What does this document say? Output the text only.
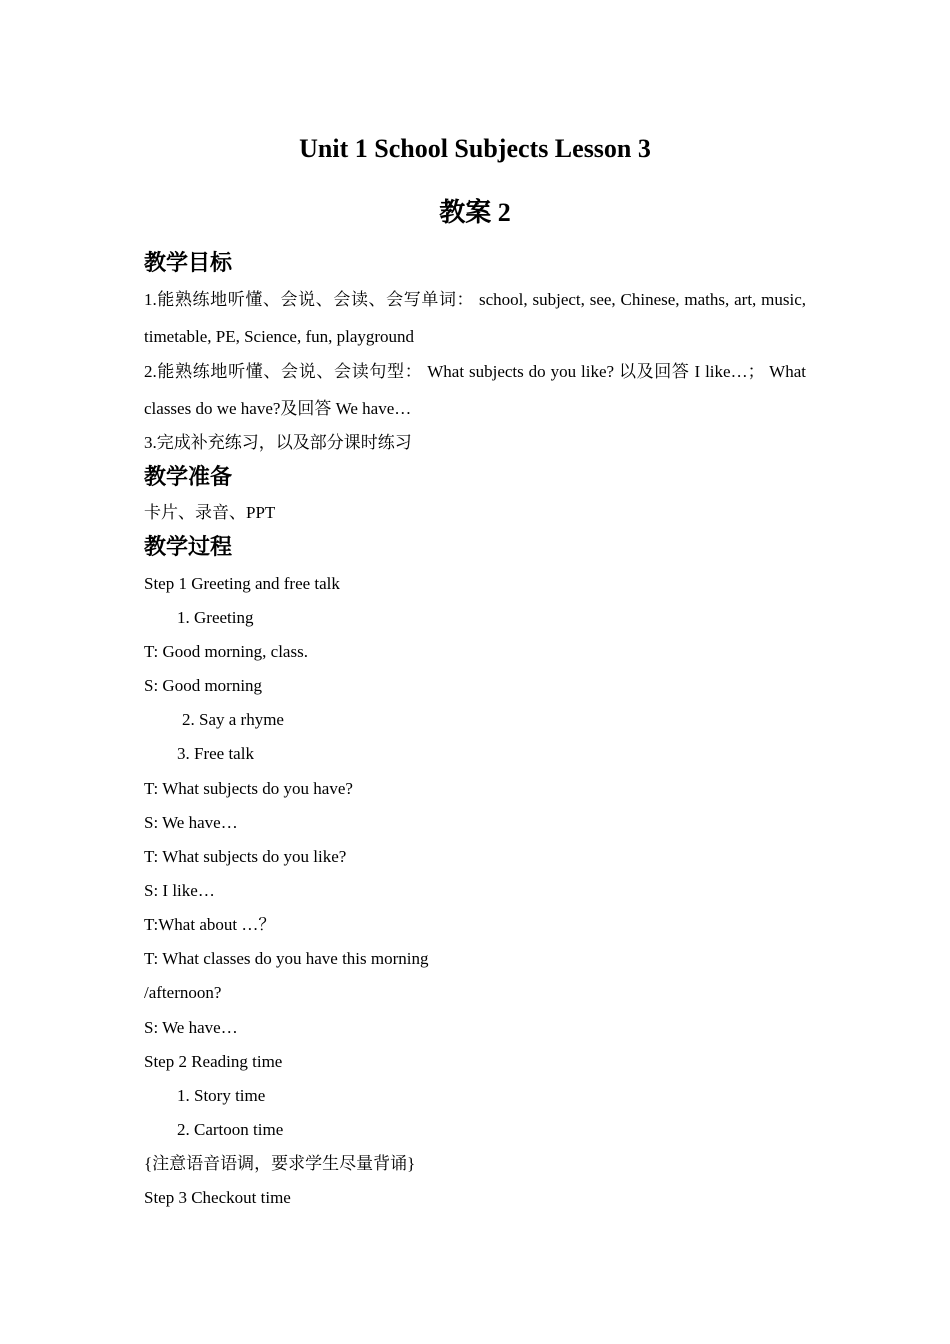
Unit 1 School Subjects Lesson 3
教案 2
教学目标
1.能熟练地听懂、会说、会读、会写单词： school, subject, see, Chinese, maths, art, music,
timetable, PE, Science, fun, playground
2.能熟练地听懂、会说、会读句型： What subjects do you like? 以及回答 I like…； What
classes do we have?及回答 We have…
3.完成补充练习，以及部分课时练习
教学准备
卡片、录音、PPT
教学过程
Step 1 Greeting and free talk
1. Greeting
T: Good morning, class.
S: Good morning
2. Say a rhyme
3. Free talk
T: What subjects do you have?
S: We have…
T: What subjects do you like?
S: I like…
T:What about …？
T: What classes do you have this morning
/afternoon?
S: We have…
Step 2 Reading time
1. Story time
2. Cartoon time
{注意语音语调，要求学生尽量背诵}
Step 3 Checkout time
